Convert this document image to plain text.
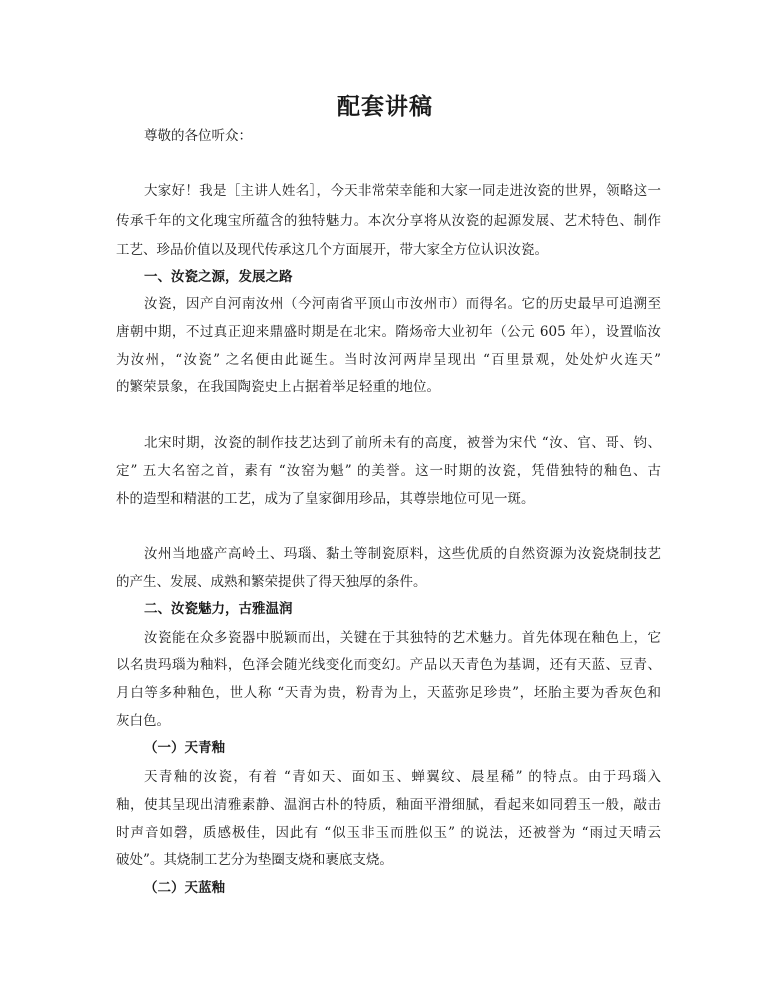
配套讲稿
尊敬的各位听众：
大家好！我是［主讲人姓名］，今天非常荣幸能和大家一同走进汝瓷的世界，领略这一
传承千年的文化瑰宝所蕴含的独特魅力。本次分享将从汝瓷的起源发展、艺术特色、制作
工艺、珍品价值以及现代传承这几个方面展开，带大家全方位认识汝瓷。
一、汝瓷之源，发展之路
汝瓷，因产自河南汝州（今河南省平顶山市汝州市）而得名。它的历史最早可追溯至
唐朝中期，不过真正迎来鼎盛时期是在北宋。隋炀帝大业初年（公元 605 年），设置临汝
为汝州，“汝瓷” 之名便由此诞生。当时汝河两岸呈现出 “百里景观，处处炉火连天”
的繁荣景象，在我国陶瓷史上占据着举足轻重的地位。
北宋时期，汝瓷的制作技艺达到了前所未有的高度，被誉为宋代 “汝、官、哥、钧、
定” 五大名窑之首，素有 “汝窑为魁” 的美誉。这一时期的汝瓷，凭借独特的釉色、古
朴的造型和精湛的工艺，成为了皇家御用珍品，其尊崇地位可见一斑。
汝州当地盛产高岭土、玛瑙、黏土等制瓷原料，这些优质的自然资源为汝瓷烧制技艺
的产生、发展、成熟和繁荣提供了得天独厚的条件。
二、汝瓷魅力，古雅温润
汝瓷能在众多瓷器中脱颖而出，关键在于其独特的艺术魅力。首先体现在釉色上，它
以名贵玛瑙为釉料，色泽会随光线变化而变幻。产品以天青色为基调，还有天蓝、豆青、
月白等多种釉色，世人称 “天青为贵，粉青为上，天蓝弥足珍贵”，坯胎主要为香灰色和
灰白色。
（一）天青釉
天青釉的汝瓷，有着 “青如天、面如玉、蝉翼纹、晨星稀” 的特点。由于玛瑙入
釉，使其呈现出清雅素静、温润古朴的特质，釉面平滑细腻，看起来如同碧玉一般，敲击
时声音如磬，质感极佳，因此有 “似玉非玉而胜似玉” 的说法，还被誉为 “雨过天晴云
破处”。其烧制工艺分为垫圈支烧和裹底支烧。
（二）天蓝釉
